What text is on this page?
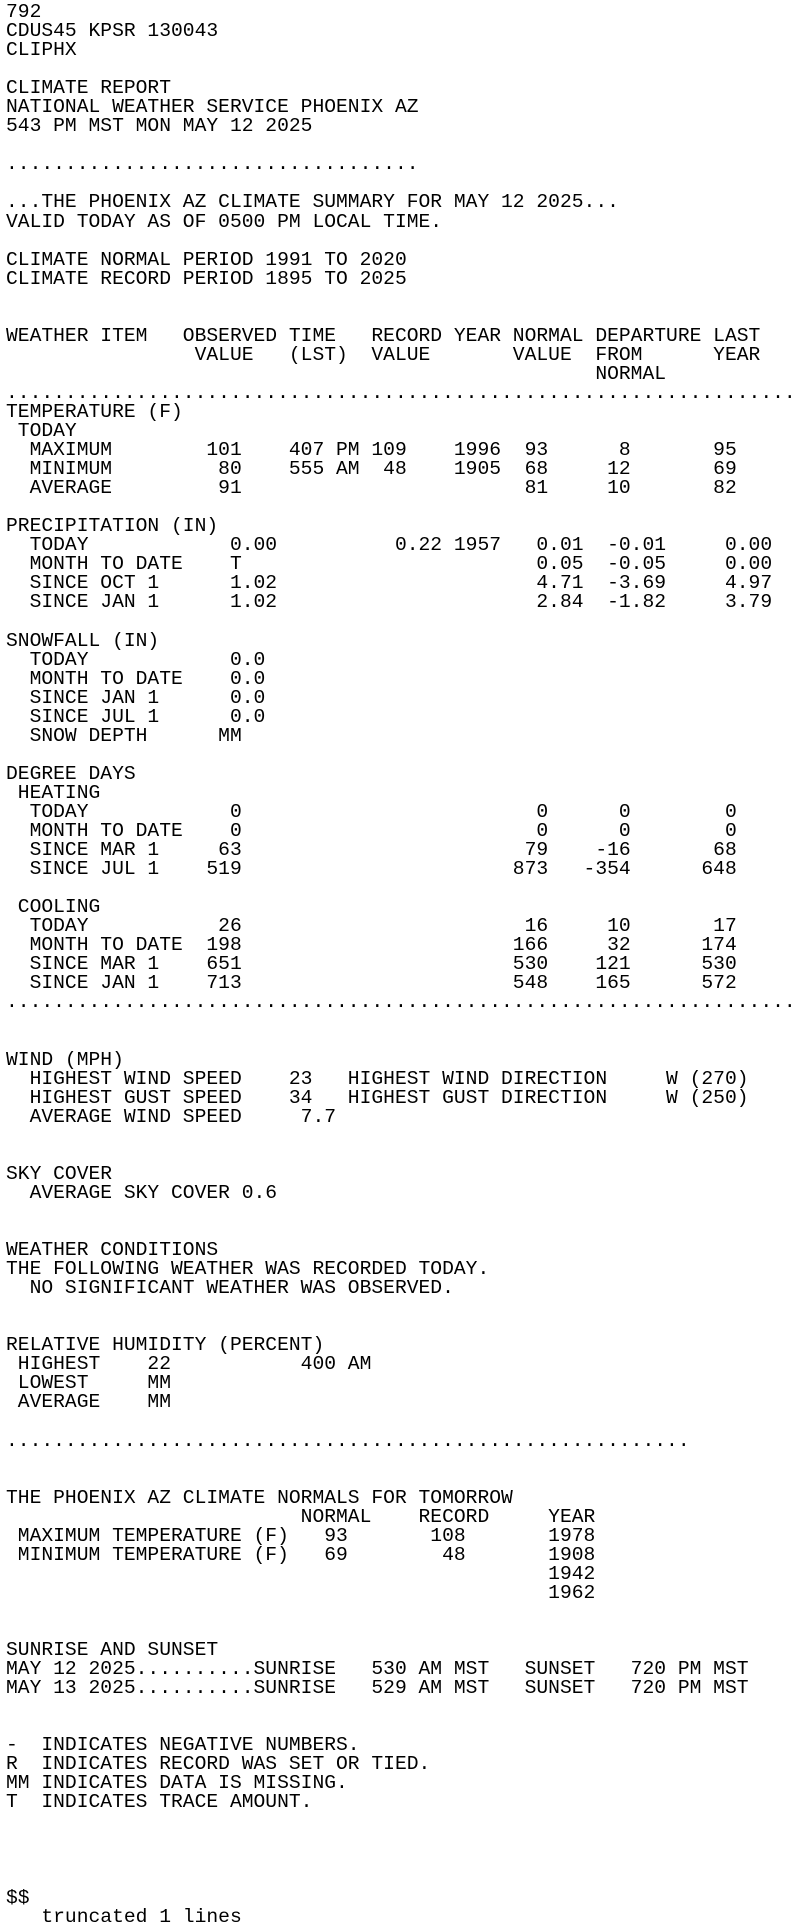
792
CDUS45 KPSR 130043
CLIPHX
CLIMATE REPORT
NATIONAL WEATHER SERVICE PHOENIX AZ
543 PM MST MON MAY 12 2025
...................................
...THE PHOENIX AZ CLIMATE SUMMARY FOR MAY 12 2025...
VALID TODAY AS OF 0500 PM LOCAL TIME.
CLIMATE NORMAL PERIOD 1991 TO 2020
CLIMATE RECORD PERIOD 1895 TO 2025
WEATHER ITEM   OBSERVED TIME   RECORD YEAR NORMAL DEPARTURE LAST
VALUE   (LST)  VALUE       VALUE  FROM      YEAR
NORMAL
...................................................................
TEMPERATURE (F)
TODAY
MAXIMUM        101    407 PM 109    1996  93      8       95
MINIMUM         80    555 AM  48    1905  68     12       69
AVERAGE         91                        81     10       82
PRECIPITATION (IN)
TODAY            0.00          0.22 1957   0.01  -0.01     0.00
MONTH TO DATE    T                         0.05  -0.05     0.00
SINCE OCT 1      1.02                      4.71  -3.69     4.97
SINCE JAN 1      1.02                      2.84  -1.82     3.79
SNOWFALL (IN)
TODAY            0.0
MONTH TO DATE    0.0
SINCE JAN 1      0.0
SINCE JUL 1      0.0
SNOW DEPTH      MM
DEGREE DAYS
HEATING
TODAY            0                         0      0        0
MONTH TO DATE    0                         0      0        0
SINCE MAR 1     63                        79    -16       68
SINCE JUL 1    519                       873   -354      648
COOLING
TODAY           26                        16     10       17
MONTH TO DATE  198                       166     32      174
SINCE MAR 1    651                       530    121      530
SINCE JAN 1    713                       548    165      572
...................................................................
WIND (MPH)
HIGHEST WIND SPEED    23   HIGHEST WIND DIRECTION     W (270)
HIGHEST GUST SPEED    34   HIGHEST GUST DIRECTION     W (250)
AVERAGE WIND SPEED     7.7
SKY COVER
AVERAGE SKY COVER 0.6
WEATHER CONDITIONS
THE FOLLOWING WEATHER WAS RECORDED TODAY.
NO SIGNIFICANT WEATHER WAS OBSERVED.
RELATIVE HUMIDITY (PERCENT)
HIGHEST    22           400 AM
LOWEST     MM
AVERAGE    MM
..........................................................
THE PHOENIX AZ CLIMATE NORMALS FOR TOMORROW
NORMAL    RECORD     YEAR
MAXIMUM TEMPERATURE (F)   93       108       1978
MINIMUM TEMPERATURE (F)   69        48       1908
1942
1962
SUNRISE AND SUNSET
MAY 12 2025..........SUNRISE   530 AM MST   SUNSET   720 PM MST
MAY 13 2025..........SUNRISE   529 AM MST   SUNSET   720 PM MST
-  INDICATES NEGATIVE NUMBERS.
R  INDICATES RECORD WAS SET OR TIED.
MM INDICATES DATA IS MISSING.
T  INDICATES TRACE AMOUNT.
$$
truncated 1 lines
